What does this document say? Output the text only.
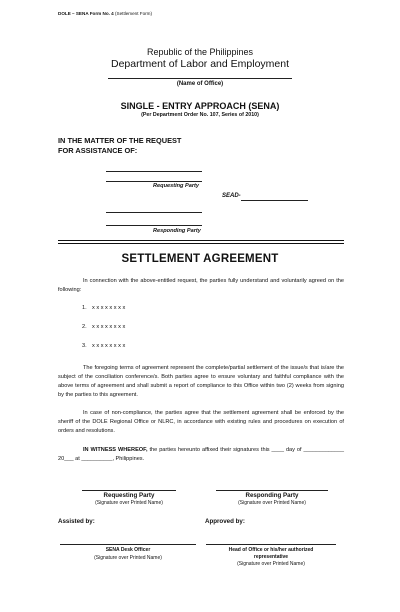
DOLE – SENA Form No. 4 (Settlement Form)
Republic of the Philippines
Department of Labor and Employment
(Name of Office)
SINGLE - ENTRY APPROACH (SENA)
(Per Department Order No. 107, Series of 2010)
IN THE MATTER OF THE REQUEST
FOR ASSISTANCE OF:
Requesting Party
SEAD-
Responding Party
SETTLEMENT AGREEMENT
In connection with the above-entitled request, the parties fully understand and voluntarily agreed on the following:
1. x x x x x x x x
2. x x x x x x x x
3. x x x x x x x x
The foregoing terms of agreement represent the complete/partial settlement of the issue/s that is/are the subject of the conciliation conference/s. Both parties agree to ensure voluntary and faithful compliance with the above terms of agreement and shall submit a report of compliance to this Office within two (2) weeks from signing by the parties to this agreement.
In case of non-compliance, the parties agree that the settlement agreement shall be enforced by the sheriff of the DOLE Regional Office or NLRC, in accordance with existing rules and procedures on execution of orders and resolutions.
IN WITNESS WHEREOF, the parties hereunto affixed their signatures this ____ day of _____________ 20___ at __________, Philippines.
Requesting Party
(Signature over Printed Name)
Responding Party
(Signature over Printed Name)
Assisted by:	Approved by:
SENA Desk Officer
(Signature over Printed Name)
Head of Office or his/her authorized
representative
(Signature over Printed Name)
